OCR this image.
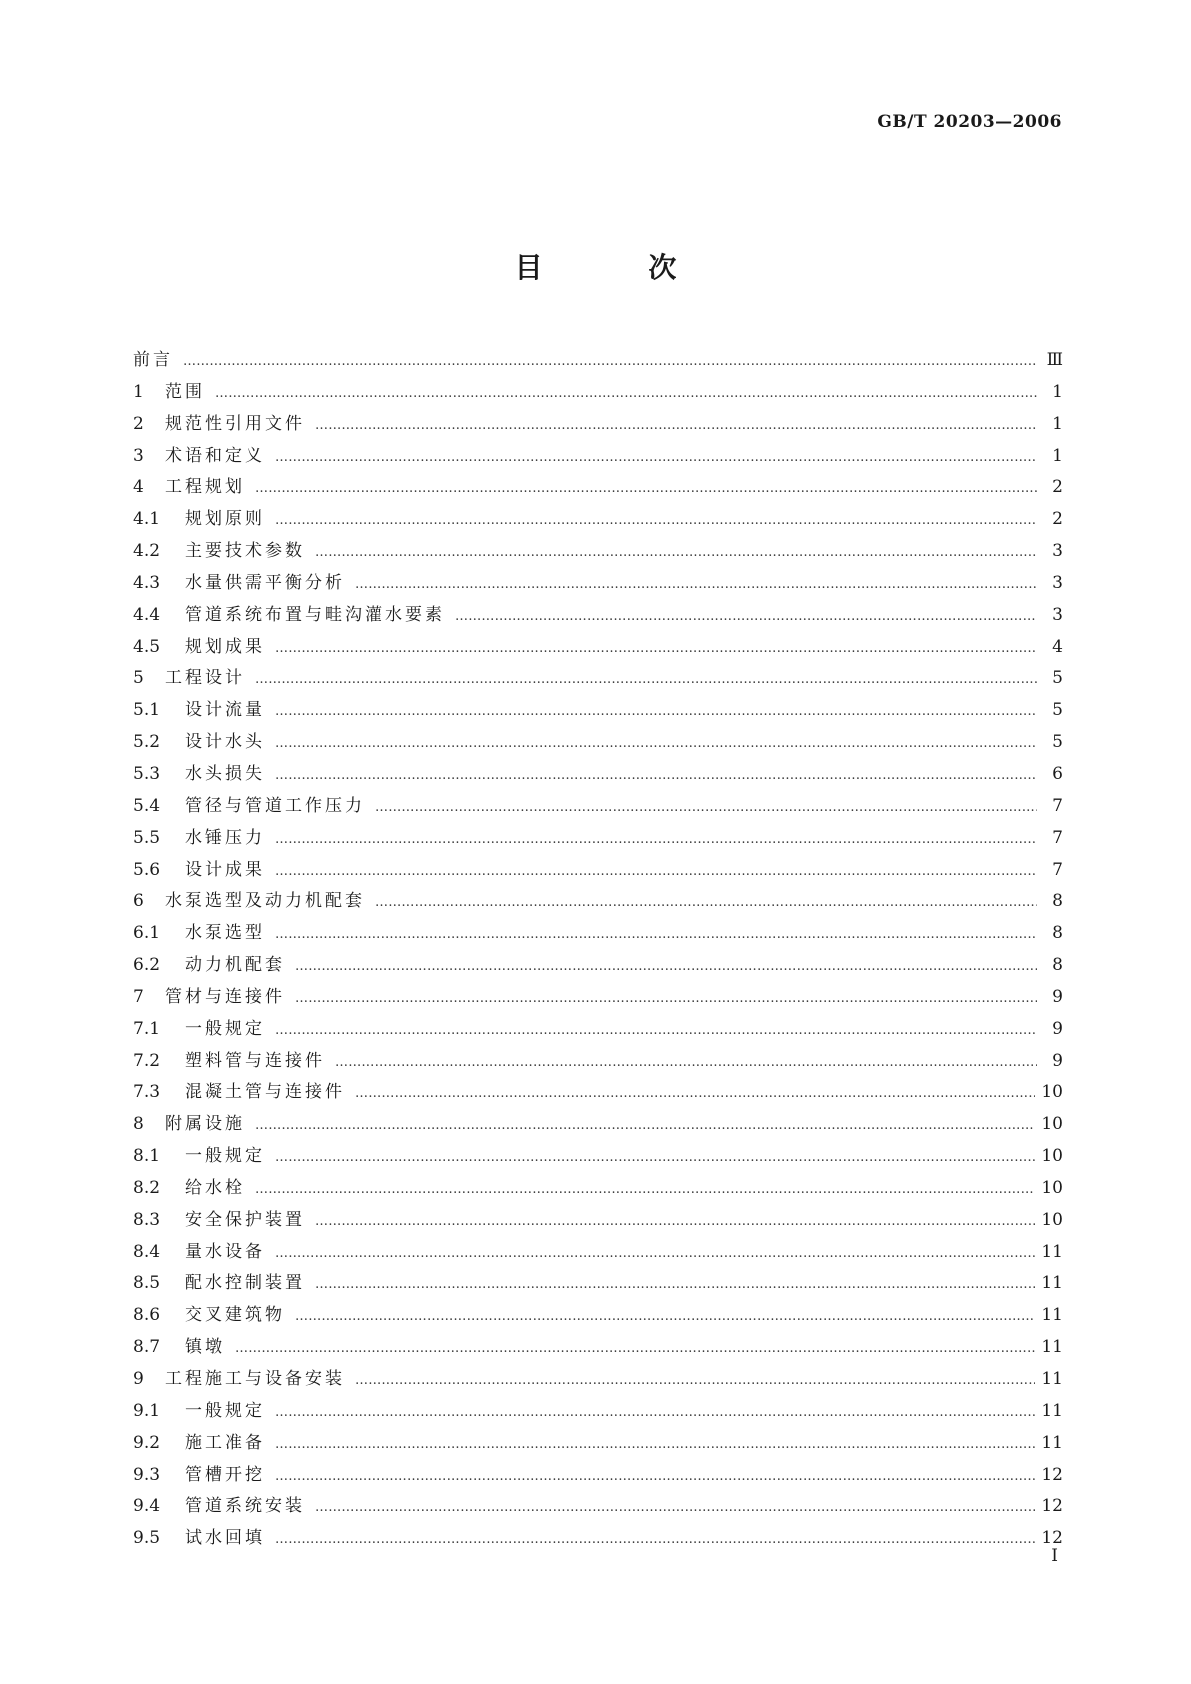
GB/T 20203—2006
目 次
前言 …………………………………………………………………………………………………………………………………………………………………………………………………………………………………	Ⅲ
1	范围 …………………………………………………………………………………………………………………………………………………………………………………………………………………………………	1
2	规范性引用文件 …………………………………………………………………………………………………………………………………………………………………………………………………………………………………	1
3	术语和定义 …………………………………………………………………………………………………………………………………………………………………………………………………………………………………	1
4	工程规划 …………………………………………………………………………………………………………………………………………………………………………………………………………………………………	2
4.1	规划原则 …………………………………………………………………………………………………………………………………………………………………………………………………………………………………	2
4.2	主要技术参数 …………………………………………………………………………………………………………………………………………………………………………………………………………………………………	3
4.3	水量供需平衡分析 …………………………………………………………………………………………………………………………………………………………………………………………………………………………………	3
4.4	管道系统布置与畦沟灌水要素 …………………………………………………………………………………………………………………………………………………………………………………………………………………………………	3
4.5	规划成果 …………………………………………………………………………………………………………………………………………………………………………………………………………………………………	4
5	工程设计 …………………………………………………………………………………………………………………………………………………………………………………………………………………………………	5
5.1	设计流量 …………………………………………………………………………………………………………………………………………………………………………………………………………………………………	5
5.2	设计水头 …………………………………………………………………………………………………………………………………………………………………………………………………………………………………	5
5.3	水头损失 …………………………………………………………………………………………………………………………………………………………………………………………………………………………………	6
5.4	管径与管道工作压力 …………………………………………………………………………………………………………………………………………………………………………………………………………………………………	7
5.5	水锤压力 …………………………………………………………………………………………………………………………………………………………………………………………………………………………………	7
5.6	设计成果 …………………………………………………………………………………………………………………………………………………………………………………………………………………………………	7
6	水泵选型及动力机配套 …………………………………………………………………………………………………………………………………………………………………………………………………………………………………	8
6.1	水泵选型 …………………………………………………………………………………………………………………………………………………………………………………………………………………………………	8
6.2	动力机配套 …………………………………………………………………………………………………………………………………………………………………………………………………………………………………	8
7	管材与连接件 …………………………………………………………………………………………………………………………………………………………………………………………………………………………………	9
7.1	一般规定 …………………………………………………………………………………………………………………………………………………………………………………………………………………………………	9
7.2	塑料管与连接件 …………………………………………………………………………………………………………………………………………………………………………………………………………………………………	9
7.3	混凝土管与连接件 …………………………………………………………………………………………………………………………………………………………………………………………………………………………………	10
8	附属设施 …………………………………………………………………………………………………………………………………………………………………………………………………………………………………	10
8.1	一般规定 …………………………………………………………………………………………………………………………………………………………………………………………………………………………………	10
8.2	给水栓 …………………………………………………………………………………………………………………………………………………………………………………………………………………………………	10
8.3	安全保护装置 …………………………………………………………………………………………………………………………………………………………………………………………………………………………………	10
8.4	量水设备 …………………………………………………………………………………………………………………………………………………………………………………………………………………………………	11
8.5	配水控制装置 …………………………………………………………………………………………………………………………………………………………………………………………………………………………………	11
8.6	交叉建筑物 …………………………………………………………………………………………………………………………………………………………………………………………………………………………………	11
8.7	镇墩 …………………………………………………………………………………………………………………………………………………………………………………………………………………………………	11
9	工程施工与设备安装 …………………………………………………………………………………………………………………………………………………………………………………………………………………………………	11
9.1	一般规定 …………………………………………………………………………………………………………………………………………………………………………………………………………………………………	11
9.2	施工准备 …………………………………………………………………………………………………………………………………………………………………………………………………………………………………	11
9.3	管槽开挖 …………………………………………………………………………………………………………………………………………………………………………………………………………………………………	12
9.4	管道系统安装 …………………………………………………………………………………………………………………………………………………………………………………………………………………………………	12
9.5	试水回填 …………………………………………………………………………………………………………………………………………………………………………………………………………………………………	12
Ⅰ
